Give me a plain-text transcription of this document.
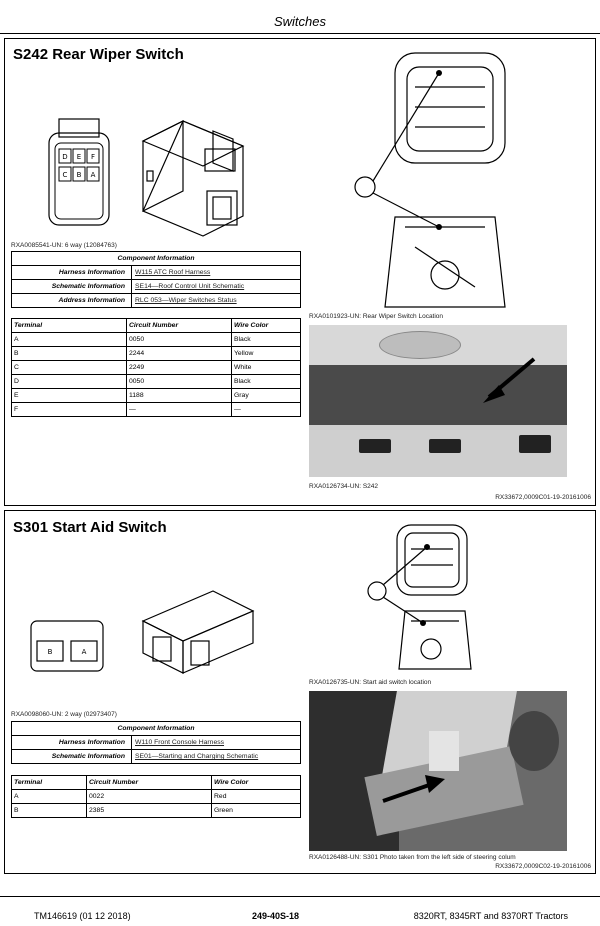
Switches
S242 Rear Wiper Switch
D E F
C B A
RXA0085541-UN: 6 way (12084763)
Component Information	
Harness Information	W115 ATC Roof Harness
Schematic Information	SE14—Roof Control Unit Schematic
Address Information	RLC 053—Wiper Switches Status
Terminal	Circuit Number	Wire Color
A	0050	Black
B	2244	Yellow
C	2249	White
D	0050	Black
E	1188	Gray
F	—	—
RXA0101923-UN: Rear Wiper Switch Location
RXA0126734-UN: S242
RX33672,0009C01-19-20161006
S301 Start Aid Switch
B	A
RXA0098060-UN: 2 way (02973407)
Component Information	
Harness Information	W110 Front Console Harness
Schematic Information	SE01—Starting and Charging Schematic
Terminal	Circuit Number	Wire Color
A	0022	Red
B	2385	Green
RXA0126735-UN: Start aid switch location
RXA0126488-UN: S301 Photo taken from the left side of steering colum
RX33672,0009C02-19-20161006
TM146619 (01 12 2018)	249-40S-18	8320RT, 8345RT and 8370RT Tractors
